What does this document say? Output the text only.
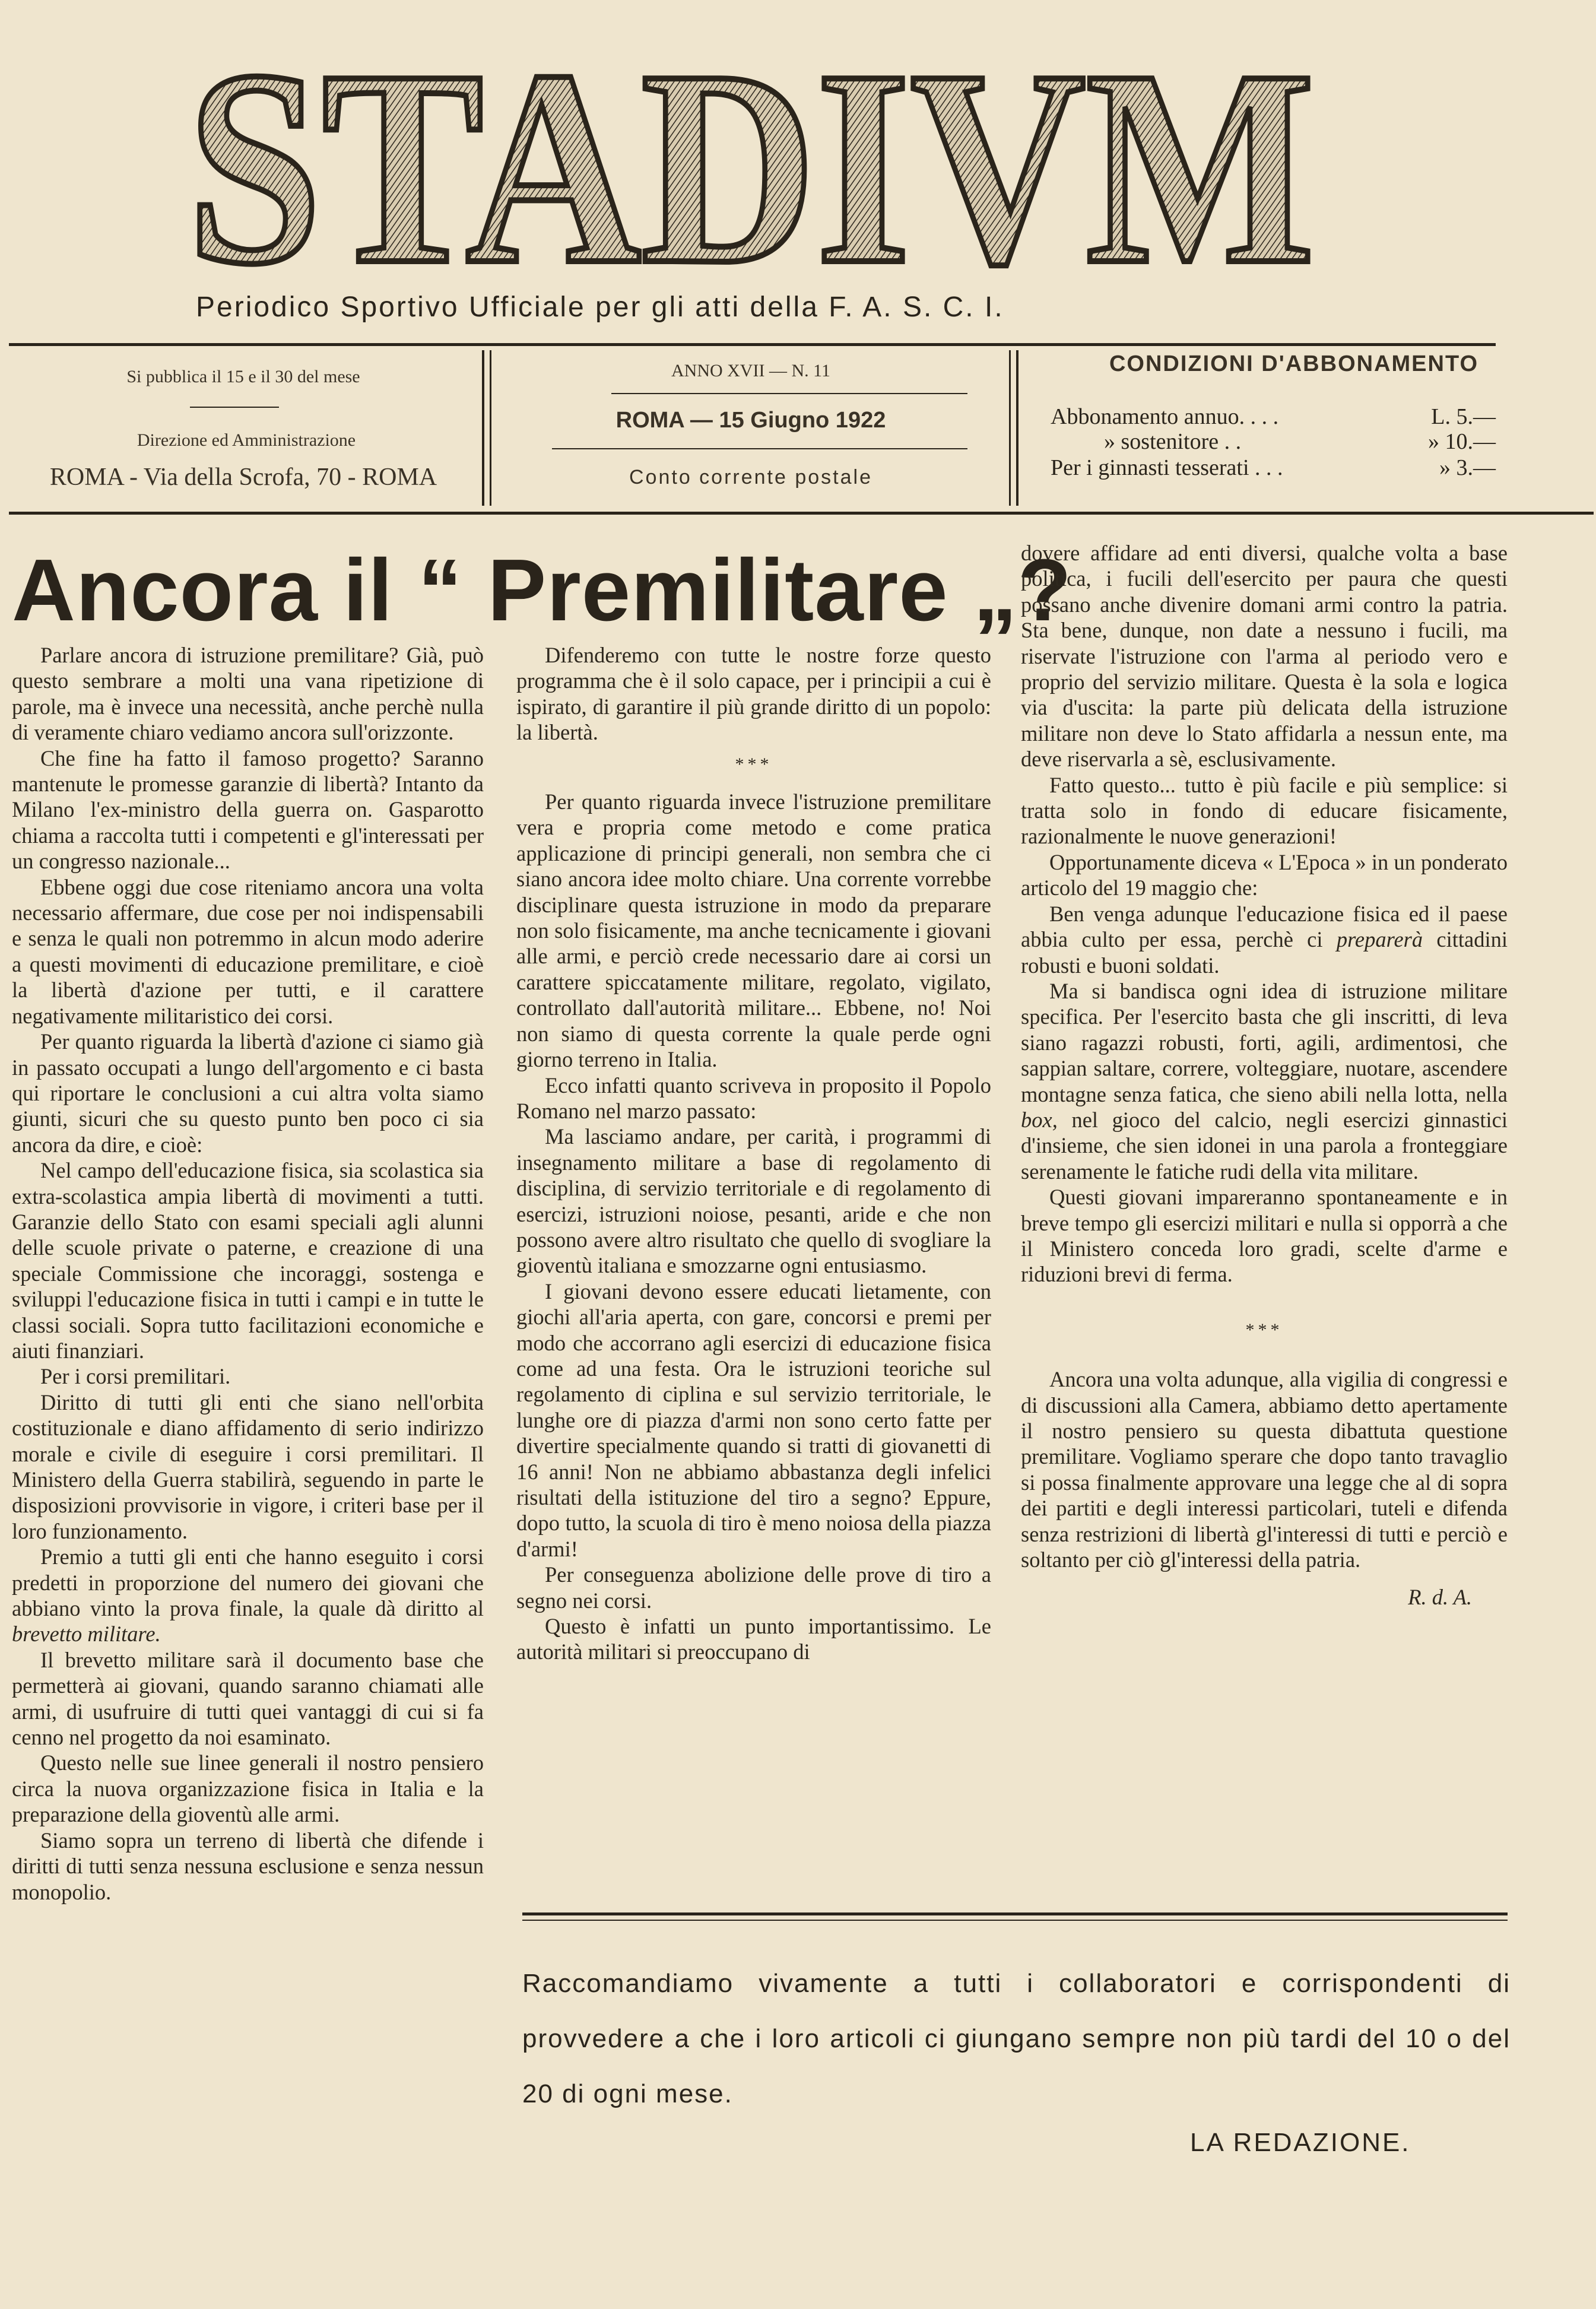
STADIVM
Periodico Sportivo Ufficiale per gli atti della F. A. S. C. I.
Si pubblica il 15 e il 30 del mese
Direzione ed Amministrazione
ROMA - Via della Scrofa, 70 - ROMA
ANNO XVII — N. 11
ROMA — 15 Giugno 1922
Conto corrente postale
CONDIZIONI D'ABBONAMENTO
Abbonamento annuo. . . .	L. 5.—
» sostenitore . .	» 10.—
Per i ginnasti tesserati . . .	» 3.—
Ancora il “ Premilitare „?

Parlare ancora di istruzione premilitare? Già, può questo sembrare a molti una vana ripetizione di parole, ma è invece una necessità, anche perchè nulla di veramente chiaro vediamo ancora sull'orizzonte.

Che fine ha fatto il famoso progetto? Saranno mantenute le promesse garanzie di libertà? Intanto da Milano l'ex-ministro della guerra on. Gasparotto chiama a raccolta tutti i competenti e gl'interessati per un congresso nazionale...

Ebbene oggi due cose riteniamo ancora una volta necessario affermare, due cose per noi indispensabili e senza le quali non potremmo in alcun modo aderire a questi movimenti di educazione premilitare, e cioè la libertà d'azione per tutti, e il carattere negativamente militaristico dei corsi.

Per quanto riguarda la libertà d'azione ci siamo già in passato occupati a lungo dell'argomento e ci basta qui riportare le conclusioni a cui altra volta siamo giunti, sicuri che su questo punto ben poco ci sia ancora da dire, e cioè:

Nel campo dell'educazione fisica, sia scolastica sia extra-scolastica ampia libertà di movimenti a tutti. Garanzie dello Stato con esami speciali agli alunni delle scuole private o paterne, e creazione di una speciale Commissione che incoraggi, sostenga e sviluppi l'educazione fisica in tutti i campi e in tutte le classi sociali. Sopra tutto facilitazioni economiche e aiuti finanziari.

Per i corsi premilitari.

Diritto di tutti gli enti che siano nell'orbita costituzionale e diano affidamento di serio indirizzo morale e civile di eseguire i corsi premilitari. Il Ministero della Guerra stabilirà, seguendo in parte le disposizioni provvisorie in vigore, i criteri base per il loro funzionamento.

Premio a tutti gli enti che hanno eseguito i corsi predetti in proporzione del numero dei giovani che abbiano vinto la prova finale, la quale dà diritto al brevetto militare.

Il brevetto militare sarà il documento base che permetterà ai giovani, quando saranno chiamati alle armi, di usufruire di tutti quei vantaggi di cui si fa cenno nel progetto da noi esaminato.

Questo nelle sue linee generali il nostro pensiero circa la nuova organizzazione fisica in Italia e la preparazione della gioventù alle armi.

Siamo sopra un terreno di libertà che difende i diritti di tutti senza nessuna esclusione e senza nessun monopolio.

Difenderemo con tutte le nostre forze questo programma che è il solo capace, per i principii a cui è ispirato, di garantire il più grande diritto di un popolo: la libertà.

***

Per quanto riguarda invece l'istruzione premilitare vera e propria come metodo e come pratica applicazione di principi generali, non sembra che ci siano ancora idee molto chiare. Una corrente vorrebbe disciplinare questa istruzione in modo da preparare non solo fisicamente, ma anche tecnicamente i giovani alle armi, e perciò crede necessario dare ai corsi un carattere spiccatamente militare, regolato, vigilato, controllato dall'autorità militare... Ebbene, no! Noi non siamo di questa corrente la quale perde ogni giorno terreno in Italia.

Ecco infatti quanto scriveva in proposito il Popolo Romano nel marzo passato:

Ma lasciamo andare, per carità, i programmi di insegnamento militare a base di regolamento di disciplina, di servizio territoriale e di regolamento di esercizi, istruzioni noiose, pesanti, aride e che non possono avere altro risultato che quello di svogliare la gioventù italiana e smozzarne ogni entusiasmo.

I giovani devono essere educati lietamente, con giochi all'aria aperta, con gare, concorsi e premi per modo che accorrano agli esercizi di educazione fisica come ad una festa. Ora le istruzioni teoriche sul regolamento di ciplina e sul servizio territoriale, le lunghe ore di piazza d'armi non sono certo fatte per divertire specialmente quando si tratti di giovanetti di 16 anni! Non ne abbiamo abbastanza degli infelici risultati della istituzione del tiro a segno? Eppure, dopo tutto, la scuola di tiro è meno noiosa della piazza d'armi!

Per conseguenza abolizione delle prove di tiro a segno nei corsi.

Questo è infatti un punto importantissimo. Le autorità militari si preoccupano di

dovere affidare ad enti diversi, qualche volta a base politica, i fucili dell'esercito per paura che questi possano anche divenire domani armi contro la patria. Sta bene, dunque, non date a nessuno i fucili, ma riservate l'istruzione con l'arma al periodo vero e proprio del servizio militare. Questa è la sola e logica via d'uscita: la parte più delicata della istruzione militare non deve lo Stato affidarla a nessun ente, ma deve riservarla a sè, esclusivamente.

Fatto questo... tutto è più facile e più semplice: si tratta solo in fondo di educare fisicamente, razionalmente le nuove generazioni!

Opportunamente diceva « L'Epoca » in un ponderato articolo del 19 maggio che:

Ben venga adunque l'educazione fisica ed il paese abbia culto per essa, perchè ci preparerà cittadini robusti e buoni soldati.

Ma si bandisca ogni idea di istruzione militare specifica. Per l'esercito basta che gli inscritti, di leva siano ragazzi robusti, forti, agili, ardimentosi, che sappian saltare, correre, volteggiare, nuotare, ascendere montagne senza fatica, che sieno abili nella lotta, nella box, nel gioco del calcio, negli esercizi ginnastici d'insieme, che sien idonei in una parola a fronteggiare serenamente le fatiche rudi della vita militare.

Questi giovani impareranno spontaneamente e in breve tempo gli esercizi militari e nulla si opporrà a che il Ministero conceda loro gradi, scelte d'arme e riduzioni brevi di ferma.

***

Ancora una volta adunque, alla vigilia di congressi e di discussioni alla Camera, abbiamo detto apertamente il nostro pensiero su questa dibattuta questione premilitare. Vogliamo sperare che dopo tanto travaglio si possa finalmente approvare una legge che al di sopra dei partiti e degli interessi particolari, tuteli e difenda senza restrizioni di libertà gl'interessi di tutti e perciò e soltanto per ciò gl'interessi della patria.

R. d. A.
Raccomandiamo vivamente a tutti i collaboratori e corrispondenti di provvedere a che i loro articoli ci giungano sempre non più tardi del 10 o del 20 di ogni mese.
LA REDAZIONE.
